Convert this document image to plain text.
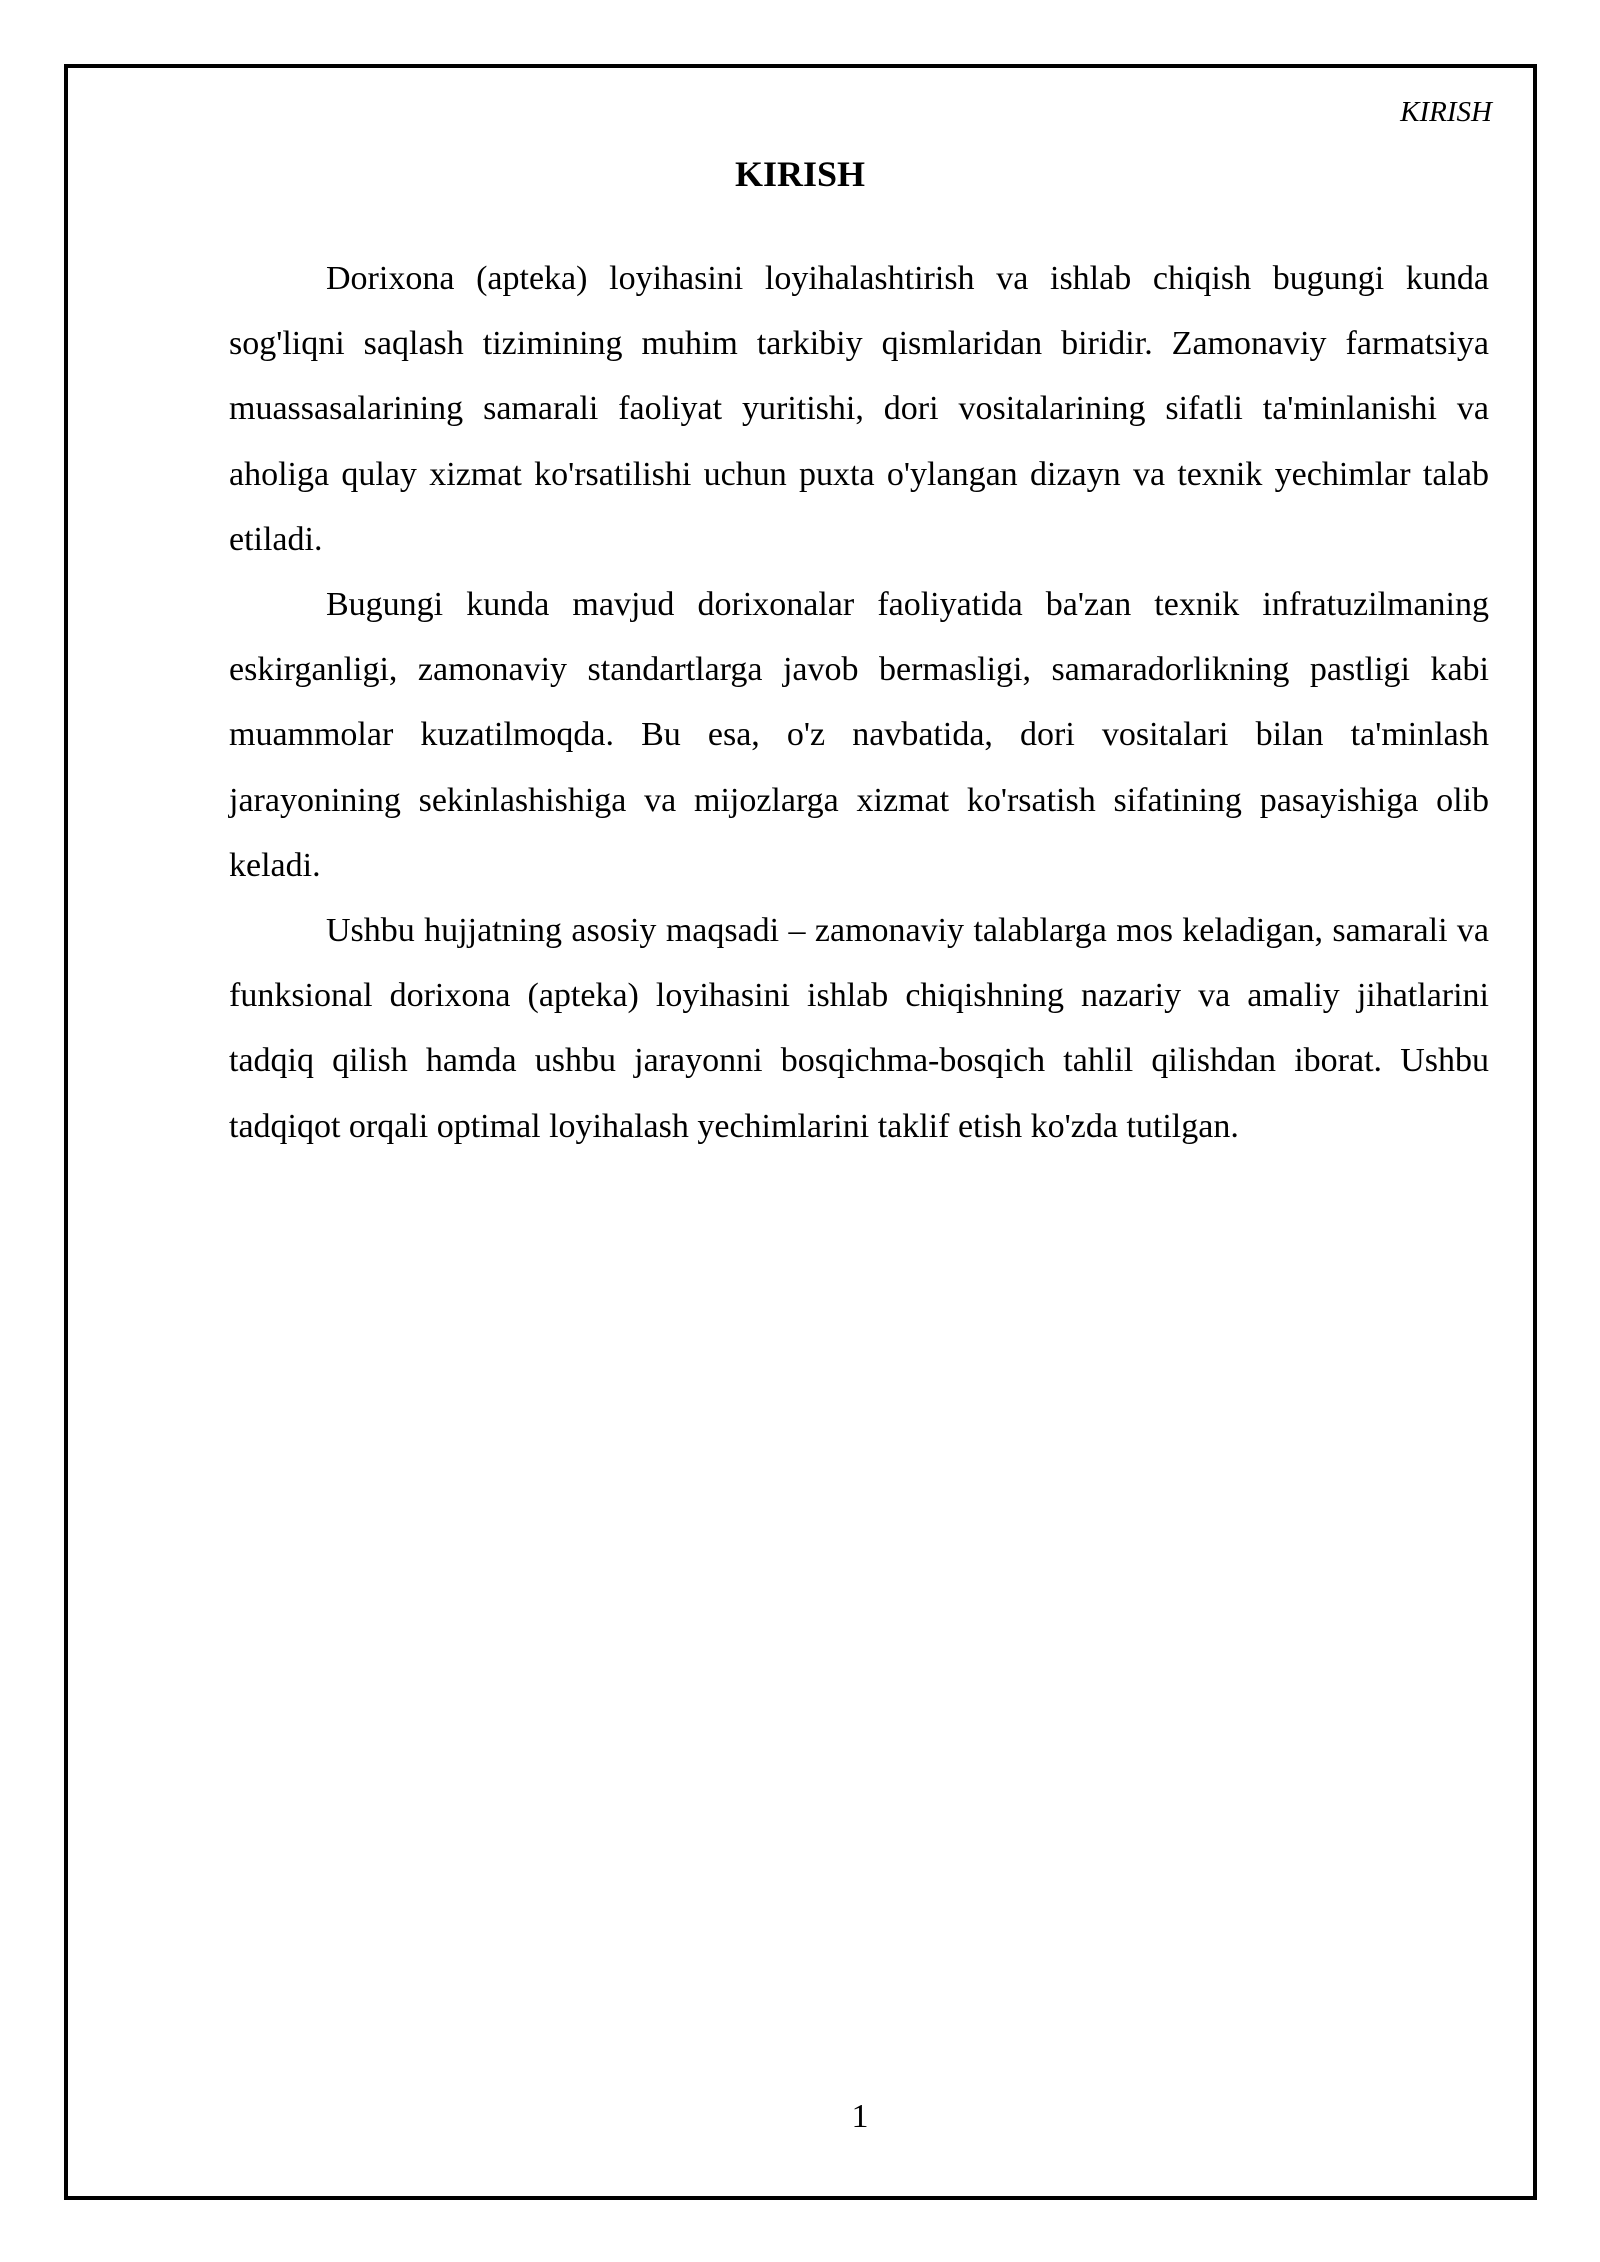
KIRISH
KIRISH

Dorixona (apteka) loyihasini loyihalashtirish va ishlab chiqish bugungi kunda sog'liqni saqlash tizimining muhim tarkibiy qismlaridan biridir. Zamonaviy farmatsiya muassasalarining samarali faoliyat yuritishi, dori vositalarining sifatli ta'minlanishi va aholiga qulay xizmat ko'rsatilishi uchun puxta o'ylangan dizayn va texnik yechimlar talab etiladi.

Bugungi kunda mavjud dorixonalar faoliyatida ba'zan texnik infratuzilmaning eskirganligi, zamonaviy standartlarga javob bermasligi, samaradorlikning pastligi kabi muammolar kuzatilmoqda. Bu esa, o'z navbatida, dori vositalari bilan ta'minlash jarayonining sekinlashishiga va mijozlarga xizmat ko'rsatish sifatining pasayishiga olib keladi.

Ushbu hujjatning asosiy maqsadi – zamonaviy talablarga mos keladigan, samarali va funksional dorixona (apteka) loyihasini ishlab chiqishning nazariy va amaliy jihatlarini tadqiq qilish hamda ushbu jarayonni bosqichma-bosqich tahlil qilishdan iborat. Ushbu tadqiqot orqali optimal loyihalash yechimlarini taklif etish ko'zda tutilgan.

1
